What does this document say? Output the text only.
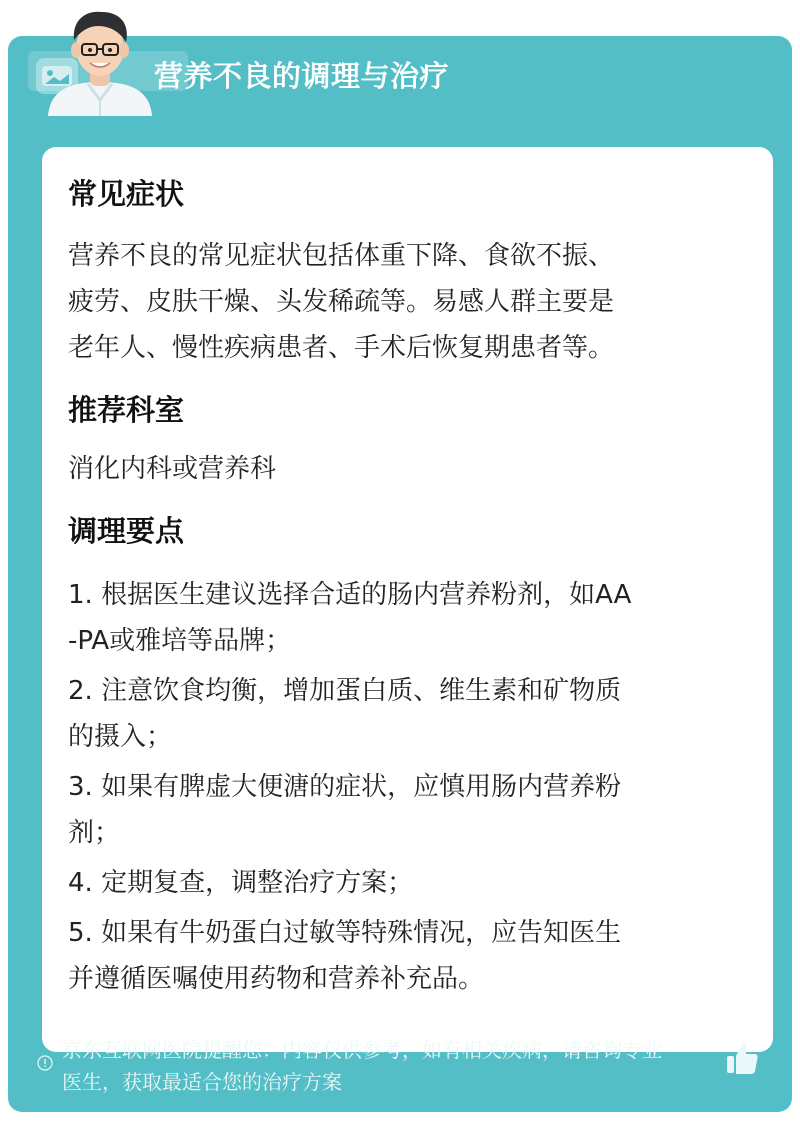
营养不良的调理与治疗
常见症状

营养不良的常见症状包括体重下降、食欲不振、

疲劳、皮肤干燥、头发稀疏等。易感人群主要是

老年人、慢性疾病患者、手术后恢复期患者等。

推荐科室

消化内科或营养科

调理要点

1. 根据医生建议选择合适的肠内营养粉剂，如AA

-PA或雅培等品牌；

2. 注意饮食均衡，增加蛋白质、维生素和矿物质

的摄入；

3. 如果有脾虚大便溏的症状，应慎用肠内营养粉

剂；

4. 定期复查，调整治疗方案；

5. 如果有牛奶蛋白过敏等特殊情况，应告知医生

并遵循医嘱使用药物和营养补充品。

京东互联网医院提醒您：内容仅供参考，如有相关疾病，请咨询专业
医生，获取最适合您的治疗方案
